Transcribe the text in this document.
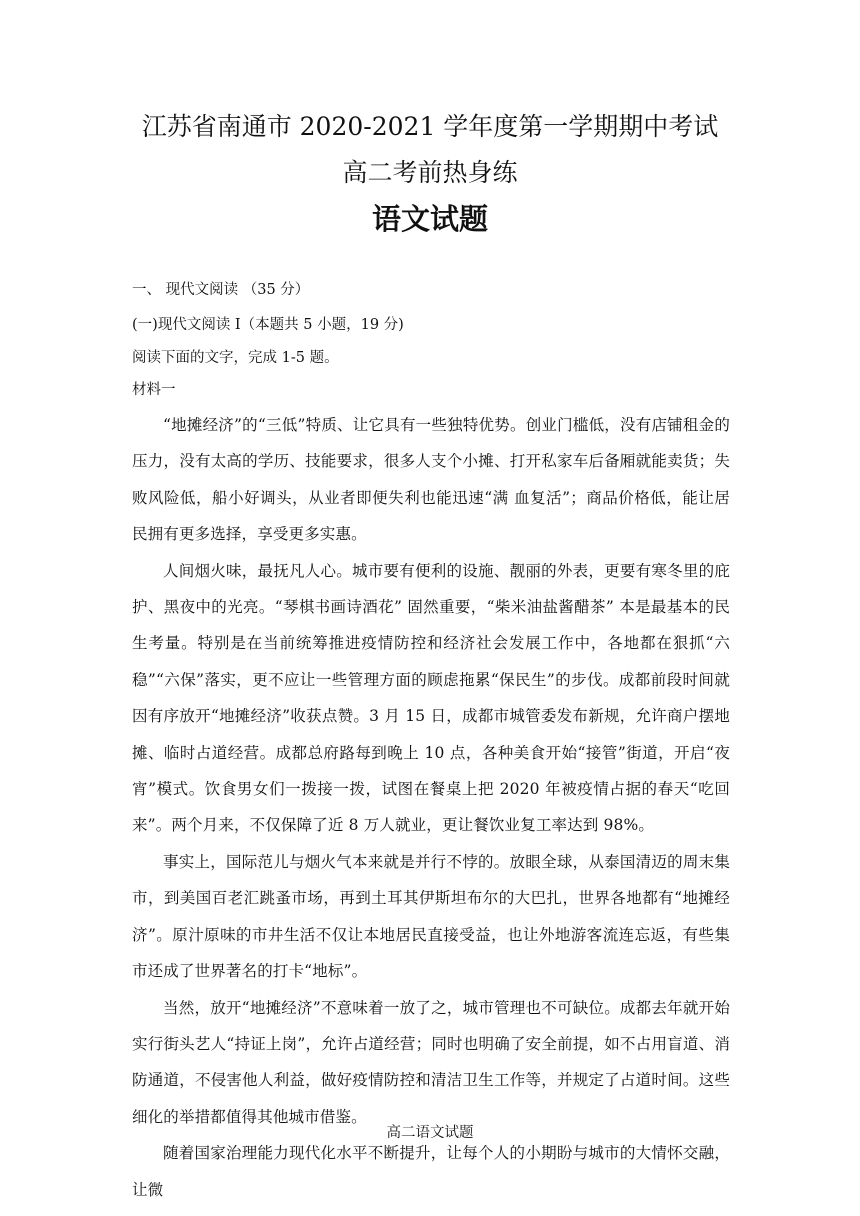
江苏省南通市 2020-2021 学年度第一学期期中考试
高二考前热身练
语文试题
一、 现代文阅读 （35 分）
(一)现代文阅读 I（本题共 5 小题，19 分)
阅读下面的文字，完成 1-5 题。
材料一

“地摊经济”的“三低”特质、让它具有一些独特优势。创业门槛低，没有店铺租金的压力，没有太高的学历、技能要求，很多人支个小摊、打开私家车后备厢就能卖货；失败风险低，船小好调头，从业者即便失利也能迅速“满 血复活”；商品价格低，能让居民拥有更多选择，享受更多实惠。

人间烟火味，最抚凡人心。城市要有便利的设施、靓丽的外表，更要有寒冬里的庇护、黑夜中的光亮。“琴棋书画诗酒花” 固然重要，“柴米油盐酱醋茶” 本是最基本的民生考量。特别是在当前统筹推进疫情防控和经济社会发展工作中，各地都在狠抓“六稳”“六保”落实，更不应让一些管理方面的顾虑拖累“保民生”的步伐。成都前段时间就因有序放开“地摊经济”收获点赞。3 月 15 日，成都市城管委发布新规，允许商户摆地摊、临时占道经营。成都总府路每到晚上 10 点，各种美食开始“接管”街道，开启“夜宵”模式。饮食男女们一拨接一拨，试图在餐桌上把 2020 年被疫情占据的春天“吃回来”。两个月来，不仅保障了近 8 万人就业，更让餐饮业复工率达到 98%。

事实上，国际范儿与烟火气本来就是并行不悖的。放眼全球，从泰国清迈的周末集市，到美国百老汇跳蚤市场，再到土耳其伊斯坦布尔的大巴扎，世界各地都有“地摊经济”。原汁原味的市井生活不仅让本地居民直接受益，也让外地游客流连忘返，有些集市还成了世界著名的打卡“地标”。

当然，放开“地摊经济”不意味着一放了之，城市管理也不可缺位。成都去年就开始实行街头艺人“持证上岗”，允许占道经营；同时也明确了安全前提，如不占用盲道、消防通道，不侵害他人利益，做好疫情防控和清洁卫生工作等，并规定了占道时间。这些细化的举措都值得其他城市借鉴。

随着国家治理能力现代化水平不断提升，让每个人的小期盼与城市的大情怀交融，让微

高二语文试题
